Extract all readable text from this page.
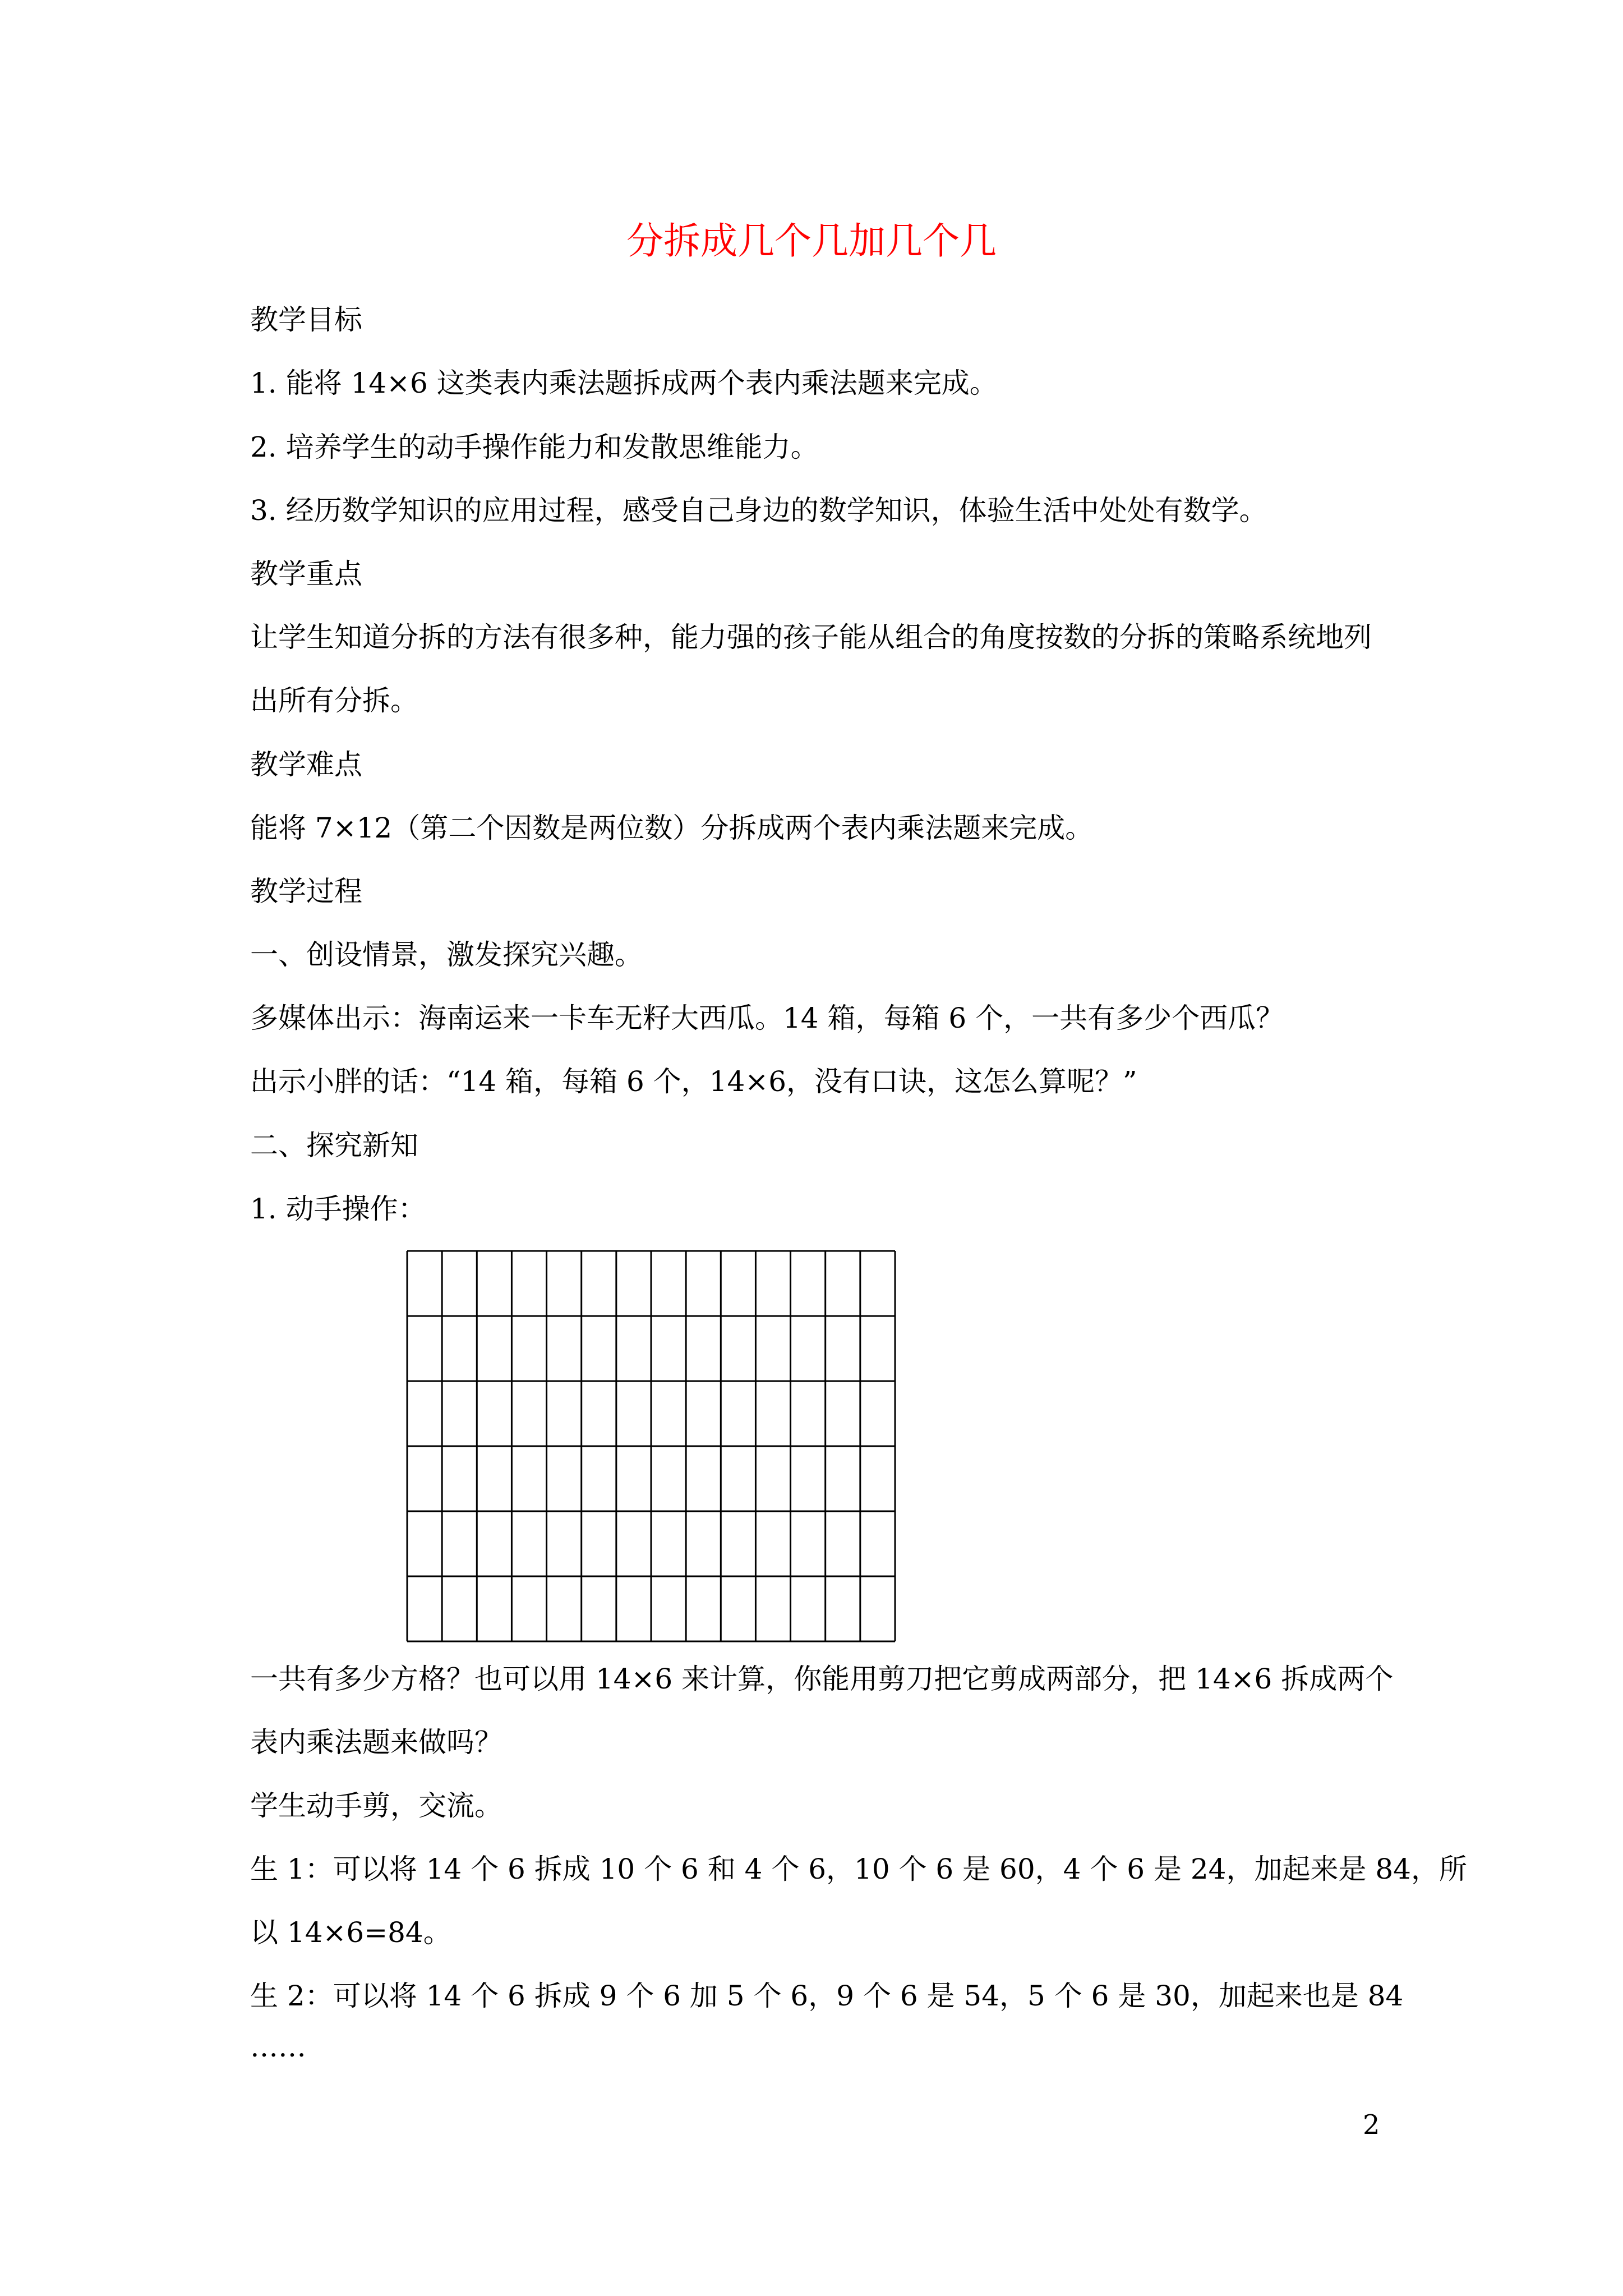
分拆成几个几加几个几

教学目标

1. 能将 14×6 这类表内乘法题拆成两个表内乘法题来完成。

2. 培养学生的动手操作能力和发散思维能力。

3. 经历数学知识的应用过程，感受自己身边的数学知识，体验生活中处处有数学。

教学重点

让学生知道分拆的方法有很多种，能力强的孩子能从组合的角度按数的分拆的策略系统地列

出所有分拆。

教学难点

能将 7×12（第二个因数是两位数）分拆成两个表内乘法题来完成。

教学过程

一、创设情景，激发探究兴趣。

多媒体出示：海南运来一卡车无籽大西瓜。14 箱，每箱 6 个，一共有多少个西瓜？

出示小胖的话：“14 箱，每箱 6 个，14×6，没有口诀，这怎么算呢？”

二、探究新知

1. 动手操作：

一共有多少方格？也可以用 14×6 来计算，你能用剪刀把它剪成两部分，把 14×6 拆成两个

表内乘法题来做吗？

学生动手剪，交流。

生 1：可以将 14 个 6 拆成 10 个 6 和 4 个 6，10 个 6 是 60，4 个 6 是 24，加起来是 84，所

以 14×6=84。

生 2：可以将 14 个 6 拆成 9 个 6 加 5 个 6，9 个 6 是 54，5 个 6 是 30，加起来也是 84

……

2
